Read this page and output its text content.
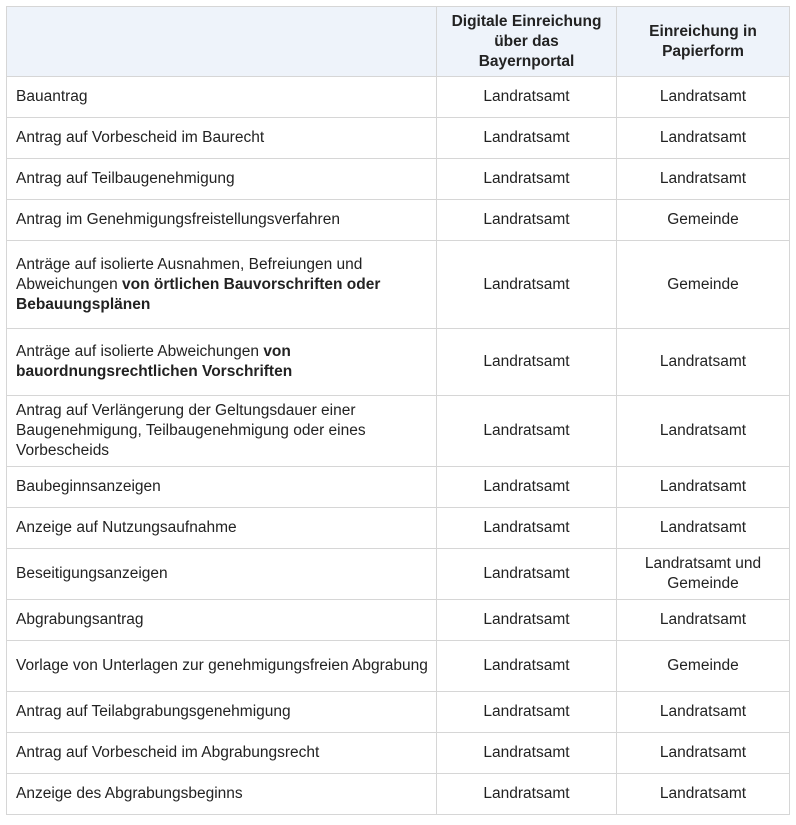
	Digitale Einreichung über das Bayernportal	Einreichung in Papierform
Bauantrag	Landratsamt	Landratsamt
Antrag auf Vorbescheid im Baurecht	Landratsamt	Landratsamt
Antrag auf Teilbaugenehmigung	Landratsamt	Landratsamt
Antrag im Genehmigungsfreistellungsverfahren	Landratsamt	Gemeinde
Anträge auf isolierte Ausnahmen, Befreiungen und Abweichungen von örtlichen Bauvorschriften oder Bebauungsplänen	Landratsamt	Gemeinde
Anträge auf isolierte Abweichungen von bauordnungsrechtlichen Vorschriften	Landratsamt	Landratsamt
Antrag auf Verlängerung der Geltungsdauer einer Baugenehmigung, Teilbaugenehmigung oder eines Vorbescheids	Landratsamt	Landratsamt
Baubeginnsanzeigen	Landratsamt	Landratsamt
Anzeige auf Nutzungsaufnahme	Landratsamt	Landratsamt
Beseitigungsanzeigen	Landratsamt	Landratsamt und Gemeinde
Abgrabungsantrag	Landratsamt	Landratsamt
Vorlage von Unterlagen zur genehmigungsfreien Abgrabung	Landratsamt	Gemeinde
Antrag auf Teilabgrabungsgenehmigung	Landratsamt	Landratsamt
Antrag auf Vorbescheid im Abgrabungsrecht	Landratsamt	Landratsamt
Anzeige des Abgrabungsbeginns	Landratsamt	Landratsamt
